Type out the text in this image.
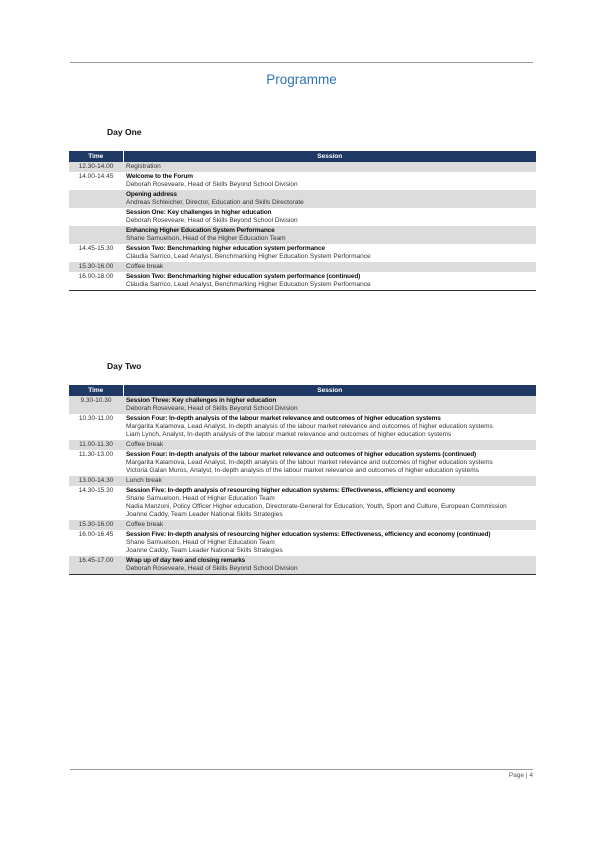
Programme
Day One
Time	Session
12.30-14.00	Registration

14.00-14.45	Welcome to the Forum
Deborah Roseveare, Head of Skills Beyond School Division

	Opening address
Andreas Schleicher, Director, Education and Skills Directorate

	Session One: Key challenges in higher education
Deborah Roseveare, Head of Skills Beyond School Division

	Enhancing Higher Education System Performance
Shane Samuelson, Head of the Higher Education Team

14.45-15.30	Session Two: Benchmarking higher education system performance
Cláudia Sarrico, Lead Analyst, Benchmarking Higher Education System Performance

15.30-16.00	Coffee break

16.00-18.00	Session Two: Benchmarking higher education system performance (continued)
Cláudia Sarrico, Lead Analyst, Benchmarking Higher Education System Performance
Day Two
Time	Session
9.30-10.30	Session Three: Key challenges in higher education
Deborah Roseveare, Head of Skills Beyond School Division

10.30-11.00	Session Four: In-depth analysis of the labour market relevance and outcomes of higher education systems
Margarita Kalamova, Lead Analyst, In-depth analysis of the labour market relevance and outcomes of higher education systems
Liam Lynch, Analyst, In-depth analysis of the labour market relevance and outcomes of higher education systems

11.00-11.30	Coffee break

11.30-13.00	Session Four: In-depth analysis of the labour market relevance and outcomes of higher education systems (continued)
Margarita Kalamova, Lead Analyst, In-depth analysis of the labour market relevance and outcomes of higher education systems
Victoria Galan Muros, Analyst, In-depth analysis of the labour market relevance and outcomes of higher education systems

13.00-14.30	Lunch break

14.30-15.30	Session Five: In-depth analysis of resourcing higher education systems: Effectiveness, efficiency and economy
Shane Samuelson, Head of Higher Education Team
Nadia Manzoni, Policy Officer Higher education, Directorate-General for Education, Youth, Sport and Culture, European Commission
Joanne Caddy, Team Leader National Skills Strategies

15.30-16.00	Coffee break

16.00-16.45	Session Five: In-depth analysis of resourcing higher education systems: Effectiveness, efficiency and economy (continued)
Shane Samuelson, Head of Higher Education Team
Joanne Caddy, Team Leader National Skills Strategies

16.45-17.00	Wrap up of day two and closing remarks
Deborah Roseveare, Head of Skills Beyond School Division
Page | 4
